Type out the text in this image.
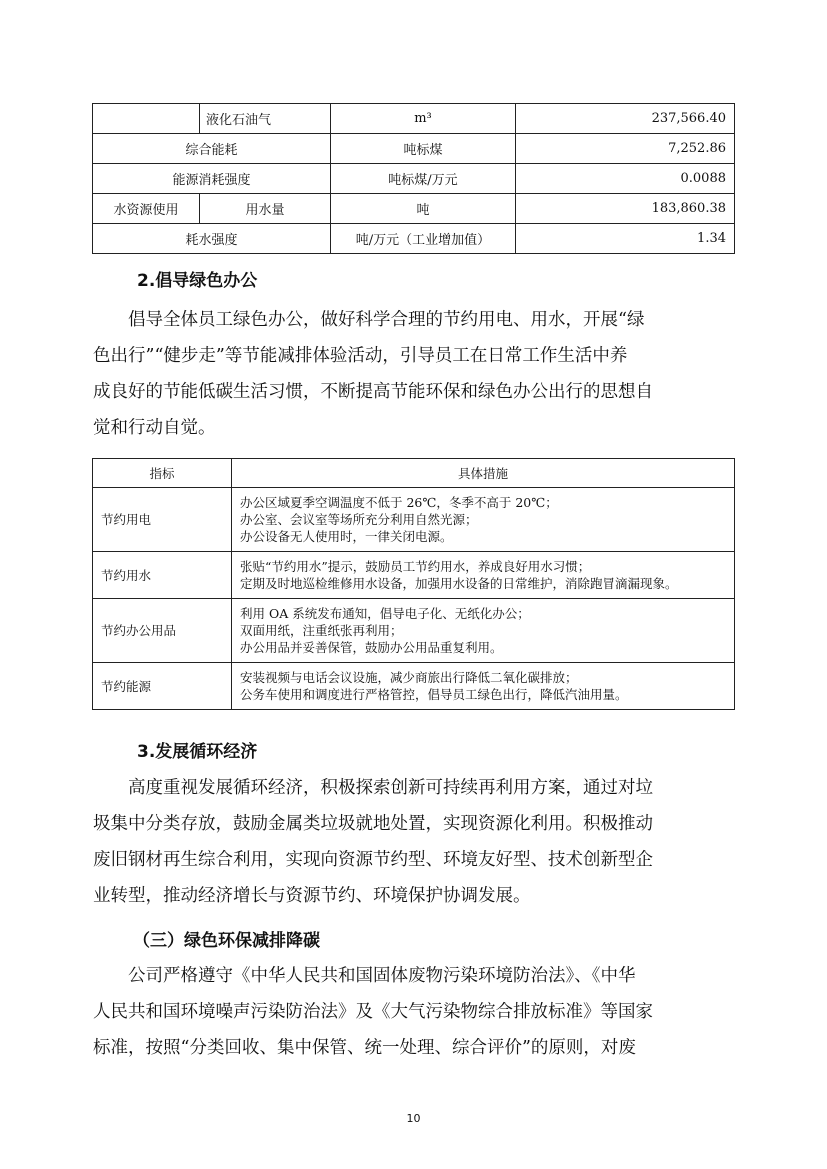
	液化石油气	m³	237,566.40
综合能耗		吨标煤	7,252.86
能源消耗强度		吨标煤/万元	0.0088
水资源使用	用水量	吨	183,860.38
耗水强度		吨/万元（工业增加值）	1.34
2.倡导绿色办公
倡导全体员工绿色办公，做好科学合理的节约用电、用水，开展“绿
色出行”“健步走”等节能减排体验活动，引导员工在日常工作生活中养
成良好的节能低碳生活习惯，不断提高节能环保和绿色办公出行的思想自
觉和行动自觉。
指标	具体措施
节约用电	办公区域夏季空调温度不低于 26℃，冬季不高于 20℃；
办公室、会议室等场所充分利用自然光源；
办公设备无人使用时，一律关闭电源。

节约用水	张贴“节约用水”提示，鼓励员工节约用水，养成良好用水习惯；
定期及时地巡检维修用水设备，加强用水设备的日常维护，消除跑冒滴漏现象。

节约办公用品	利用 OA 系统发布通知，倡导电子化、无纸化办公；
双面用纸，注重纸张再利用；
办公用品并妥善保管，鼓励办公用品重复利用。

节约能源	安装视频与电话会议设施，减少商旅出行降低二氧化碳排放；
公务车使用和调度进行严格管控，倡导员工绿色出行，降低汽油用量。
3.发展循环经济
高度重视发展循环经济，积极探索创新可持续再利用方案，通过对垃
圾集中分类存放，鼓励金属类垃圾就地处置，实现资源化利用。积极推动
废旧钢材再生综合利用，实现向资源节约型、环境友好型、技术创新型企
业转型，推动经济增长与资源节约、环境保护协调发展。
（三）绿色环保减排降碳
公司严格遵守《中华人民共和国固体废物污染环境防治法》、《中华
人民共和国环境噪声污染防治法》及《大气污染物综合排放标准》等国家
标准，按照“分类回收、集中保管、统一处理、综合评价”的原则，对废
10
